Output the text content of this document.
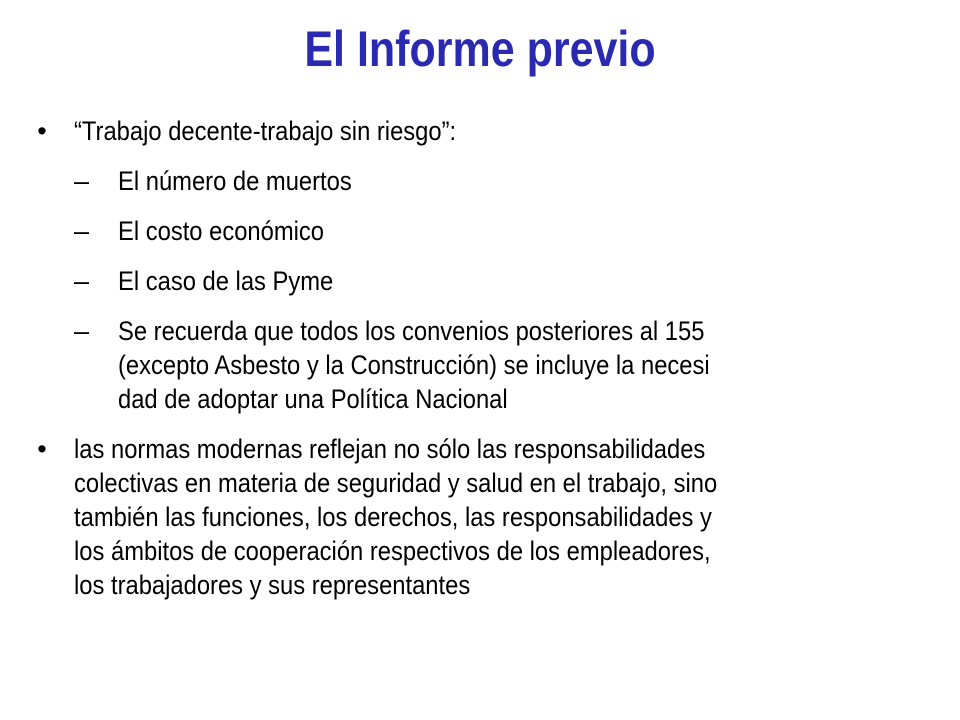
El Informe previo
• “Trabajo decente-trabajo sin riesgo”:
– El número de muertos
– El costo económico
– El caso de las Pyme
– Se recuerda que todos los convenios posteriores al 155
(excepto Asbesto y la Construcción) se incluye la necesi
dad de adoptar una Política Nacional
• las normas modernas reflejan no sólo las responsabilidades
colectivas en materia de seguridad y salud en el trabajo, sino
también las funciones, los derechos, las responsabilidades y
los ámbitos de cooperación respectivos de los empleadores,
los trabajadores y sus representantes
